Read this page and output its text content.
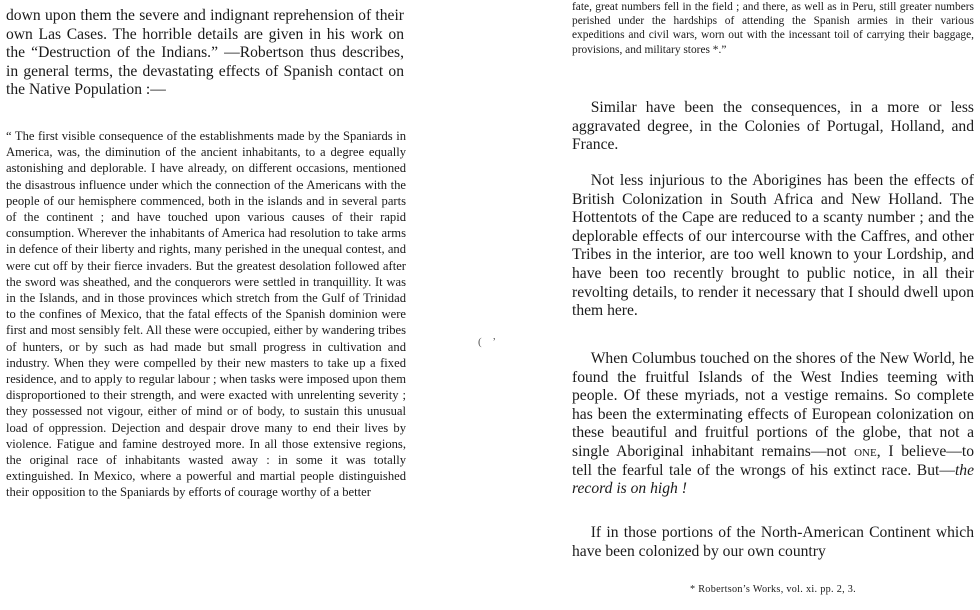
down upon them the severe and indignant reprehension of their own Las Cases. The horrible details are given in his work on the “Destruction of the Indians.” —Robertson thus describes, in general terms, the devastating effects of Spanish contact on the Native Population :—

“ The first visible consequence of the establishments made by the Spaniards in America, was, the diminution of the ancient inhabitants, to a degree equally astonishing and deplorable. I have already, on different occasions, mentioned the disastrous influence under which the connection of the Americans with the people of our hemisphere commenced, both in the islands and in several parts of the continent ; and have touched upon various causes of their rapid consumption. Wherever the inhabitants of America had resolution to take arms in defence of their liberty and rights, many perished in the unequal contest, and were cut off by their fierce invaders. But the greatest desolation followed after the sword was sheathed, and the conquerors were settled in tranquillity. It was in the Islands, and in those provinces which stretch from the Gulf of Trinidad to the confines of Mexico, that the fatal effects of the Spanish dominion were first and most sensibly felt. All these were occupied, either by wandering tribes of hunters, or by such as had made but small progress in cultivation and industry. When they were compelled by their new masters to take up a fixed residence, and to apply to regular labour ; when tasks were imposed upon them disproportioned to their strength, and were exacted with unrelenting severity ; they possessed not vigour, either of mind or of body, to sustain this unusual load of oppression. Dejection and despair drove many to end their lives by violence. Fatigue and famine destroyed more. In all those extensive regions, the original race of inhabitants wasted away : in some it was totally extinguished. In Mexico, where a powerful and martial people distinguished their opposition to the Spaniards by efforts of courage worthy of a better

( ’

fate, great numbers fell in the field ; and there, as well as in Peru, still greater numbers perished under the hardships of attending the Spanish armies in their various expeditions and civil wars, worn out with the incessant toil of carrying their baggage, provisions, and military stores *.”

Similar have been the consequences, in a more or less aggravated degree, in the Colonies of Portugal, Holland, and France.

Not less injurious to the Aborigines has been the effects of British Colonization in South Africa and New Holland. The Hottentots of the Cape are reduced to a scanty number ; and the deplorable effects of our intercourse with the Caffres, and other Tribes in the interior, are too well known to your Lordship, and have been too recently brought to public notice, in all their revolting details, to render it necessary that I should dwell upon them here.

When Columbus touched on the shores of the New World, he found the fruitful Islands of the West Indies teeming with people. Of these myriads, not a vestige remains. So complete has been the exterminating effects of European colonization on these beautiful and fruitful portions of the globe, that not a single Aboriginal inhabitant remains—not one, I believe—to tell the fearful tale of the wrongs of his extinct race. But—the record is on high !

If in those portions of the North-American Continent which have been colonized by our own country

* Robertson’s Works, vol. xi. pp. 2, 3.
